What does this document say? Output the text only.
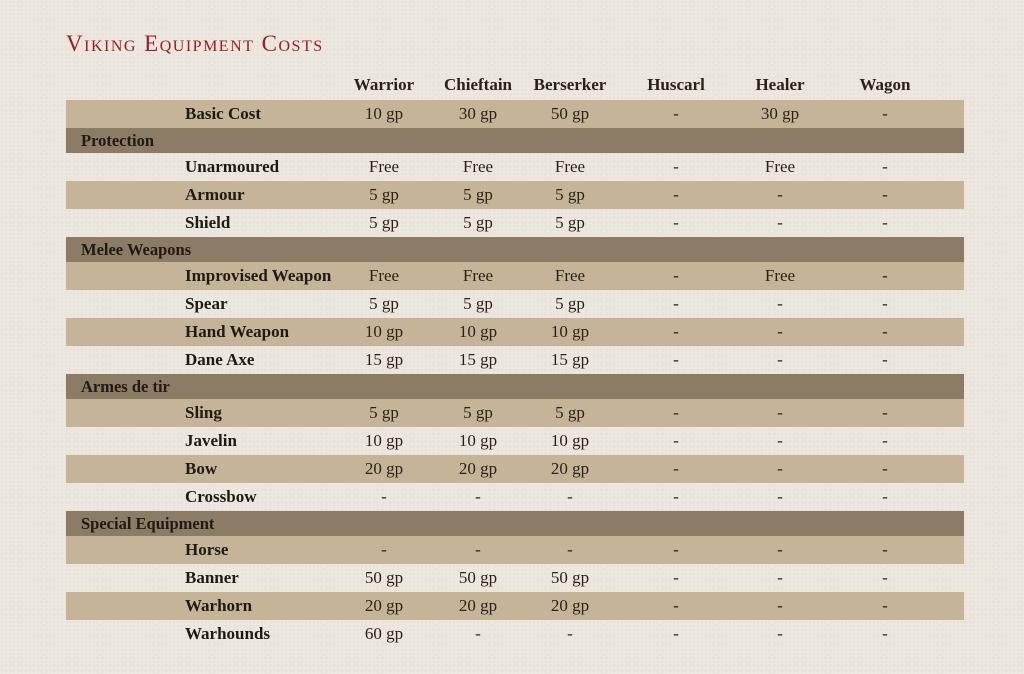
Viking Equipment Costs
Warrior	Chieftain	Berserker	Huscarl	Healer	Wagon
Basic Cost	10 gp	30 gp	50 gp	-	30 gp	-
Protection
Unarmoured	Free	Free	Free	-	Free	-
Armour	5 gp	5 gp	5 gp	-	-	-
Shield	5 gp	5 gp	5 gp	-	-	-
Melee Weapons
Improvised Weapon	Free	Free	Free	-	Free	-
Spear	5 gp	5 gp	5 gp	-	-	-
Hand Weapon	10 gp	10 gp	10 gp	-	-	-
Dane Axe	15 gp	15 gp	15 gp	-	-	-
Armes de tir
Sling	5 gp	5 gp	5 gp	-	-	-
Javelin	10 gp	10 gp	10 gp	-	-	-
Bow	20 gp	20 gp	20 gp	-	-	-
Crossbow	-	-	-	-	-	-
Special Equipment
Horse	-	-	-	-	-	-
Banner	50 gp	50 gp	50 gp	-	-	-
Warhorn	20 gp	20 gp	20 gp	-	-	-
Warhounds	60 gp	-	-	-	-	-
